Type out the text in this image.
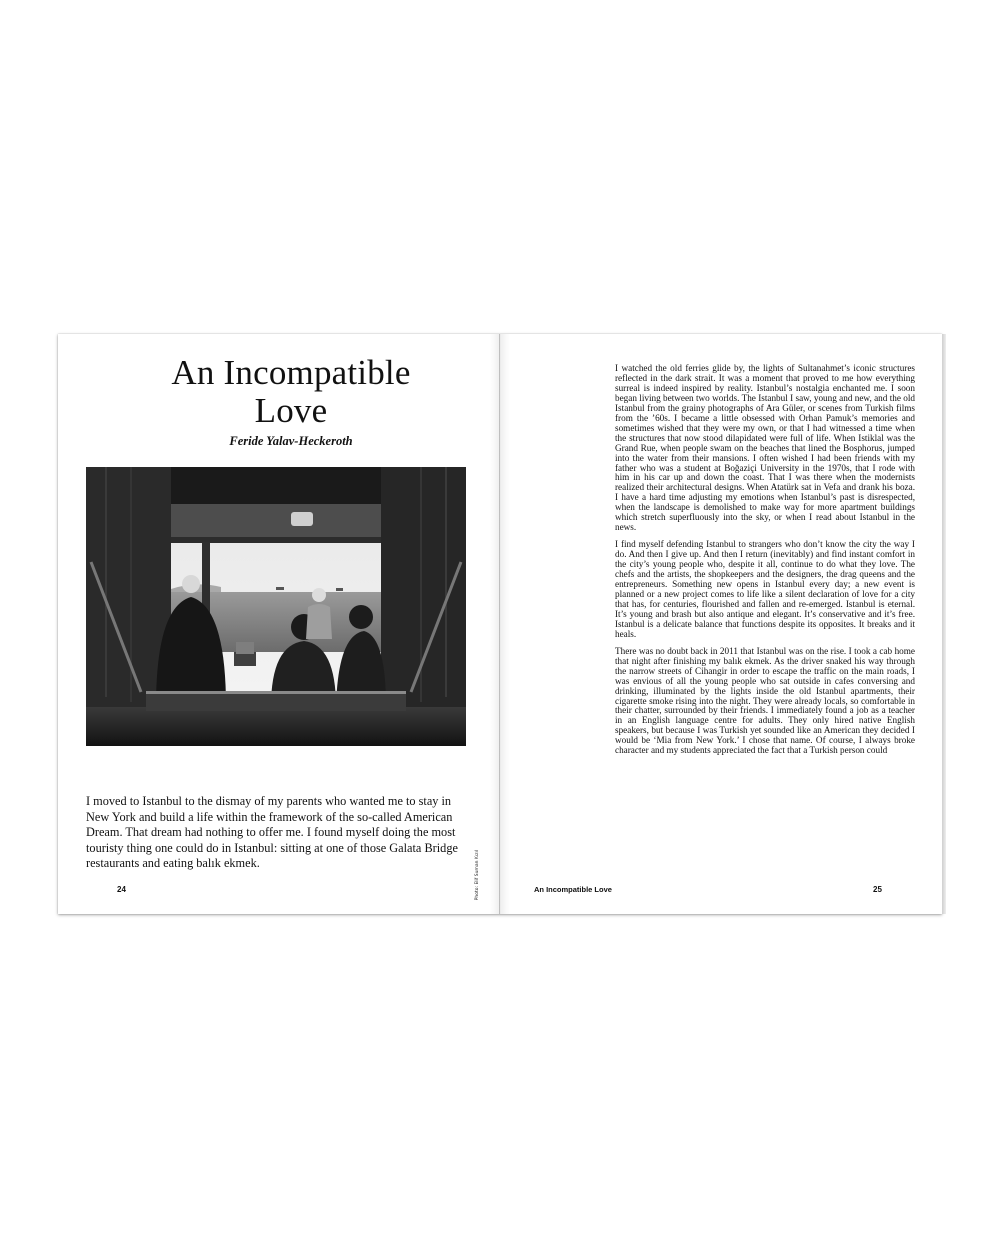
An Incompatible
Love
Feride Yalav-Heckeroth
Photo: Elif Suman Kızıl

I moved to Istanbul to the dismay of my parents who wanted me to stay in New York and build a life within the framework of the so-called American Dream. That dream had nothing to offer me. I found myself doing the most touristy thing one could do in Istanbul: sitting at one of those Galata Bridge restaurants and eating balık ekmek.

24

I watched the old ferries glide by, the lights of Sultanahmet’s iconic structures reflected in the dark strait. It was a moment that proved to me how everything surreal is indeed inspired by reality. Istanbul’s nostalgia enchanted me. I soon began living between two worlds. The Istanbul I saw, young and new, and the old Istanbul from the grainy photographs of Ara Güler, or scenes from Turkish films from the ’60s. I became a little obsessed with Orhan Pamuk’s memories and sometimes wished that they were my own, or that I had witnessed a time when the structures that now stood dilapidated were full of life. When Istiklal was the Grand Rue, when people swam on the beaches that lined the Bosphorus, jumped into the water from their mansions. I often wished I had been friends with my father who was a student at Boğaziçi University in the 1970s, that I rode with him in his car up and down the coast. That I was there when the modernists realized their architectural designs. When Atatürk sat in Vefa and drank his boza. I have a hard time adjusting my emotions when Istanbul’s past is disrespected, when the landscape is demolished to make way for more apartment buildings which stretch superfluously into the sky, or when I read about Istanbul in the news.

I find myself defending Istanbul to strangers who don’t know the city the way I do. And then I give up. And then I return (inevitably) and find instant comfort in the city’s young people who, despite it all, continue to do what they love. The chefs and the artists, the shopkeepers and the designers, the drag queens and the entrepreneurs. Something new opens in Istanbul every day; a new event is planned or a new project comes to life like a silent declaration of love for a city that has, for centuries, flourished and fallen and re-emerged. Istanbul is eternal. It’s young and brash but also antique and elegant. It’s conservative and it’s free. Istanbul is a delicate balance that functions despite its opposites. It breaks and it heals.

There was no doubt back in 2011 that Istanbul was on the rise. I took a cab home that night after finishing my balık ekmek. As the driver snaked his way through the narrow streets of Cihangir in order to escape the traffic on the main roads, I was envious of all the young people who sat outside in cafes conversing and drinking, illuminated by the lights inside the old Istanbul apartments, their cigarette smoke rising into the night. They were already locals, so comfortable in their chatter, surrounded by their friends. I immediately found a job as a teacher in an English language centre for adults. They only hired native English speakers, but because I was Turkish yet sounded like an American they decided I would be ‘Mia from New York.’ I chose that name. Of course, I always broke character and my students appreciated the fact that a Turkish person could

An Incompatible Love	25
